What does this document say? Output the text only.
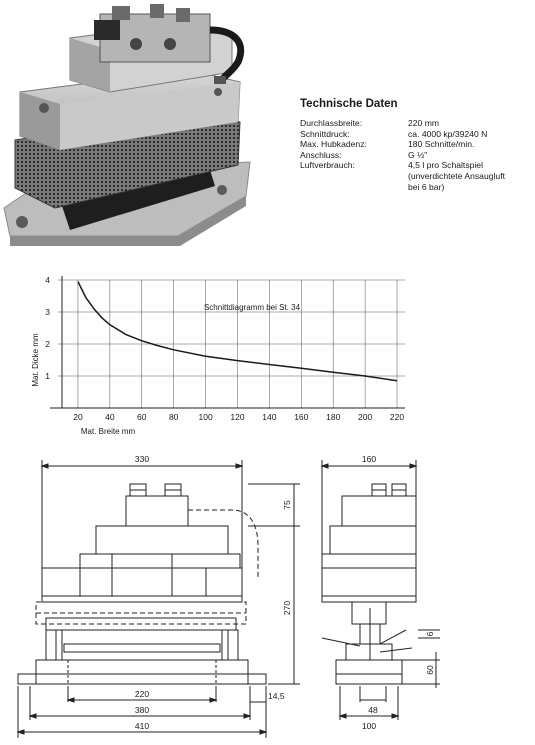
Technische Daten
Durchlassbreite:	220 mm
Schnittdruck:	ca. 4000 kp/39240 N
Max. Hubkadenz:	180 Schnitte/min.
Anschluss:	G ½"
Luftverbrauch:	4,5 l pro Schaltspiel
(unverdichtete Ansaugluft
bei 6 bar)
Schnittdiagramm bei St. 34
Mat. Dicke mm
Mat. Breite mm
20	40	60	80 100 120 140 160 180 200 220
1
2
3
4
330
75
270
220
380
410
14,5
160
6
60
48
100
